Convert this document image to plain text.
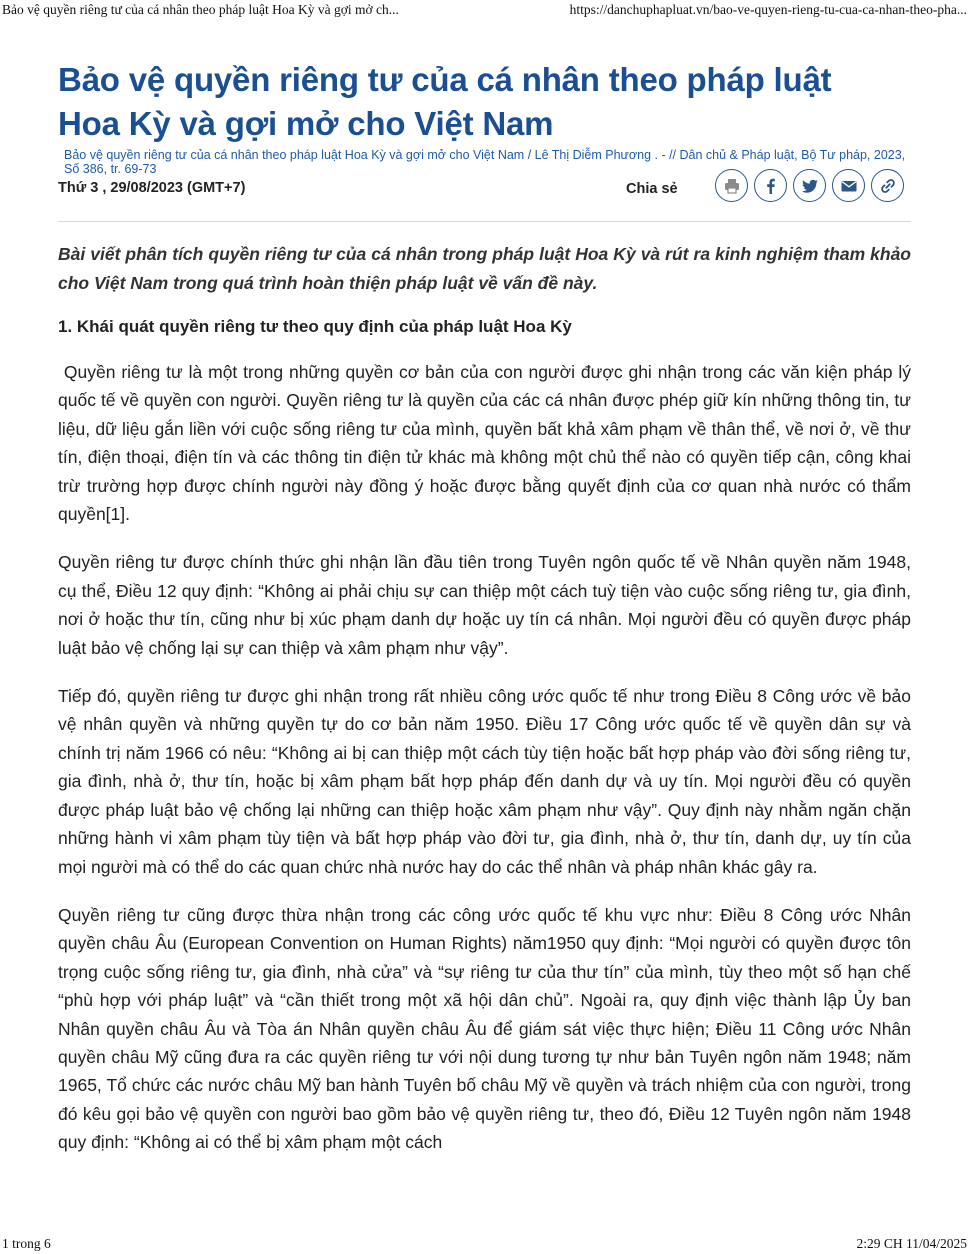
Bảo vệ quyền riêng tư của cá nhân theo pháp luật Hoa Kỳ và gợi mở ch...	https://danchuphapluat.vn/bao-ve-quyen-rieng-tu-cua-ca-nhan-theo-pha...
Bảo vệ quyền riêng tư của cá nhân theo pháp luật
Hoa Kỳ và gợi mở cho Việt Nam
Bảo vệ quyền riêng tư của cá nhân theo pháp luật Hoa Kỳ và gợi mở cho Việt Nam / Lê Thị Diễm Phương . - // Dân chủ & Pháp luật, Bộ Tư pháp, 2023, Số 386, tr. 69-73
Thứ 3 , 29/08/2023 (GMT+7)	Chia sẻ

Bài viết phân tích quyền riêng tư của cá nhân trong pháp luật Hoa Kỳ và rút ra kinh nghiệm tham khảo cho Việt Nam trong quá trình hoàn thiện pháp luật về vấn đề này.

1. Khái quát quyền riêng tư theo quy định của pháp luật Hoa Kỳ

Quyền riêng tư là một trong những quyền cơ bản của con người được ghi nhận trong các văn kiện pháp lý quốc tế về quyền con người. Quyền riêng tư là quyền của các cá nhân được phép giữ kín những thông tin, tư liệu, dữ liệu gắn liền với cuộc sống riêng tư của mình, quyền bất khả xâm phạm về thân thể, về nơi ở, về thư tín, điện thoại, điện tín và các thông tin điện tử khác mà không một chủ thể nào có quyền tiếp cận, công khai trừ trường hợp được chính người này đồng ý hoặc được bằng quyết định của cơ quan nhà nước có thẩm quyền[1].

Quyền riêng tư được chính thức ghi nhận lần đầu tiên trong Tuyên ngôn quốc tế về Nhân quyền năm 1948, cụ thể, Điều 12 quy định: “Không ai phải chịu sự can thiệp một cách tuỳ tiện vào cuộc sống riêng tư, gia đình, nơi ở hoặc thư tín, cũng như bị xúc phạm danh dự hoặc uy tín cá nhân. Mọi người đều có quyền được pháp luật bảo vệ chống lại sự can thiệp và xâm phạm như vậy”.

Tiếp đó, quyền riêng tư được ghi nhận trong rất nhiều công ước quốc tế như trong Điều 8 Công ước về bảo vệ nhân quyền và những quyền tự do cơ bản năm 1950. Điều 17 Công ước quốc tế về quyền dân sự và chính trị năm 1966 có nêu: “Không ai bị can thiệp một cách tùy tiện hoặc bất hợp pháp vào đời sống riêng tư, gia đình, nhà ở, thư tín, hoặc bị xâm phạm bất hợp pháp đến danh dự và uy tín. Mọi người đều có quyền được pháp luật bảo vệ chống lại những can thiệp hoặc xâm phạm như vậy”. Quy định này nhằm ngăn chặn những hành vi xâm phạm tùy tiện và bất hợp pháp vào đời tư, gia đình, nhà ở, thư tín, danh dự, uy tín của mọi người mà có thể do các quan chức nhà nước hay do các thể nhân và pháp nhân khác gây ra.

Quyền riêng tư cũng được thừa nhận trong các công ước quốc tế khu vực như: Điều 8 Công ước Nhân quyền châu Âu (European Convention on Human Rights) năm1950 quy định: “Mọi người có quyền được tôn trọng cuộc sống riêng tư, gia đình, nhà cửa” và “sự riêng tư của thư tín” của mình, tùy theo một số hạn chế “phù hợp với pháp luật” và “cần thiết trong một xã hội dân chủ”. Ngoài ra, quy định việc thành lập Ủy ban Nhân quyền châu Âu và Tòa án Nhân quyền châu Âu để giám sát việc thực hiện; Điều 11 Công ước Nhân quyền châu Mỹ cũng đưa ra các quyền riêng tư với nội dung tương tự như bản Tuyên ngôn năm 1948; năm 1965, Tổ chức các nước châu Mỹ ban hành Tuyên bố châu Mỹ về quyền và trách nhiệm của con người, trong đó kêu gọi bảo vệ quyền con người bao gồm bảo vệ quyền riêng tư, theo đó, Điều 12 Tuyên ngôn năm 1948 quy định: “Không ai có thể bị xâm phạm một cách

1 trong 6	2:29 CH 11/04/2025
